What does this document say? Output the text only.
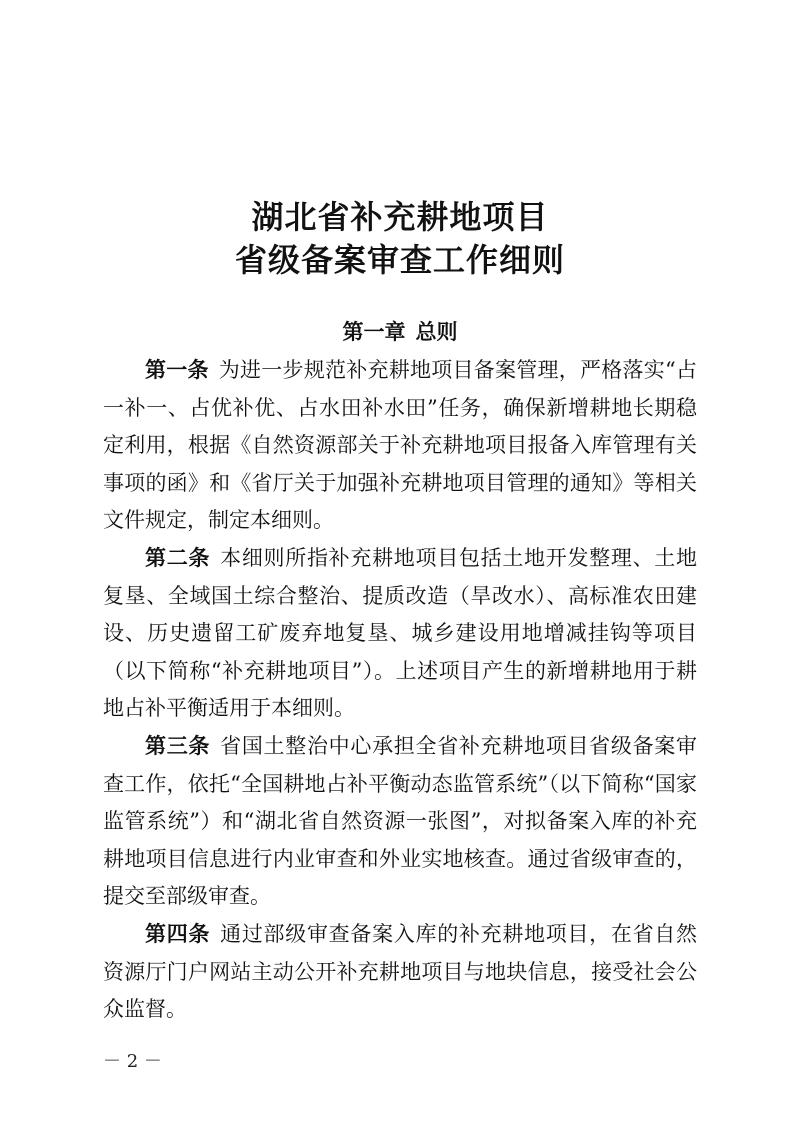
湖北省补充耕地项目
省级备案审查工作细则
第一章 总则

第一条 为进一步规范补充耕地项目备案管理，严格落实“占一补一、占优补优、占水田补水田”任务，确保新增耕地长期稳定利用，根据《自然资源部关于补充耕地项目报备入库管理有关事项的函》和《省厅关于加强补充耕地项目管理的通知》等相关文件规定，制定本细则。

第二条 本细则所指补充耕地项目包括土地开发整理、土地复垦、全域国土综合整治、提质改造（旱改水）、高标准农田建设、历史遗留工矿废弃地复垦、城乡建设用地增减挂钩等项目（以下简称“补充耕地项目”）。上述项目产生的新增耕地用于耕地占补平衡适用于本细则。

第三条 省国土整治中心承担全省补充耕地项目省级备案审查工作，依托“全国耕地占补平衡动态监管系统”（以下简称“国家监管系统”）和“湖北省自然资源一张图”，对拟备案入库的补充耕地项目信息进行内业审查和外业实地核查。通过省级审查的，提交至部级审查。

第四条 通过部级审查备案入库的补充耕地项目，在省自然资源厅门户网站主动公开补充耕地项目与地块信息，接受社会公众监督。

－ 2 －
